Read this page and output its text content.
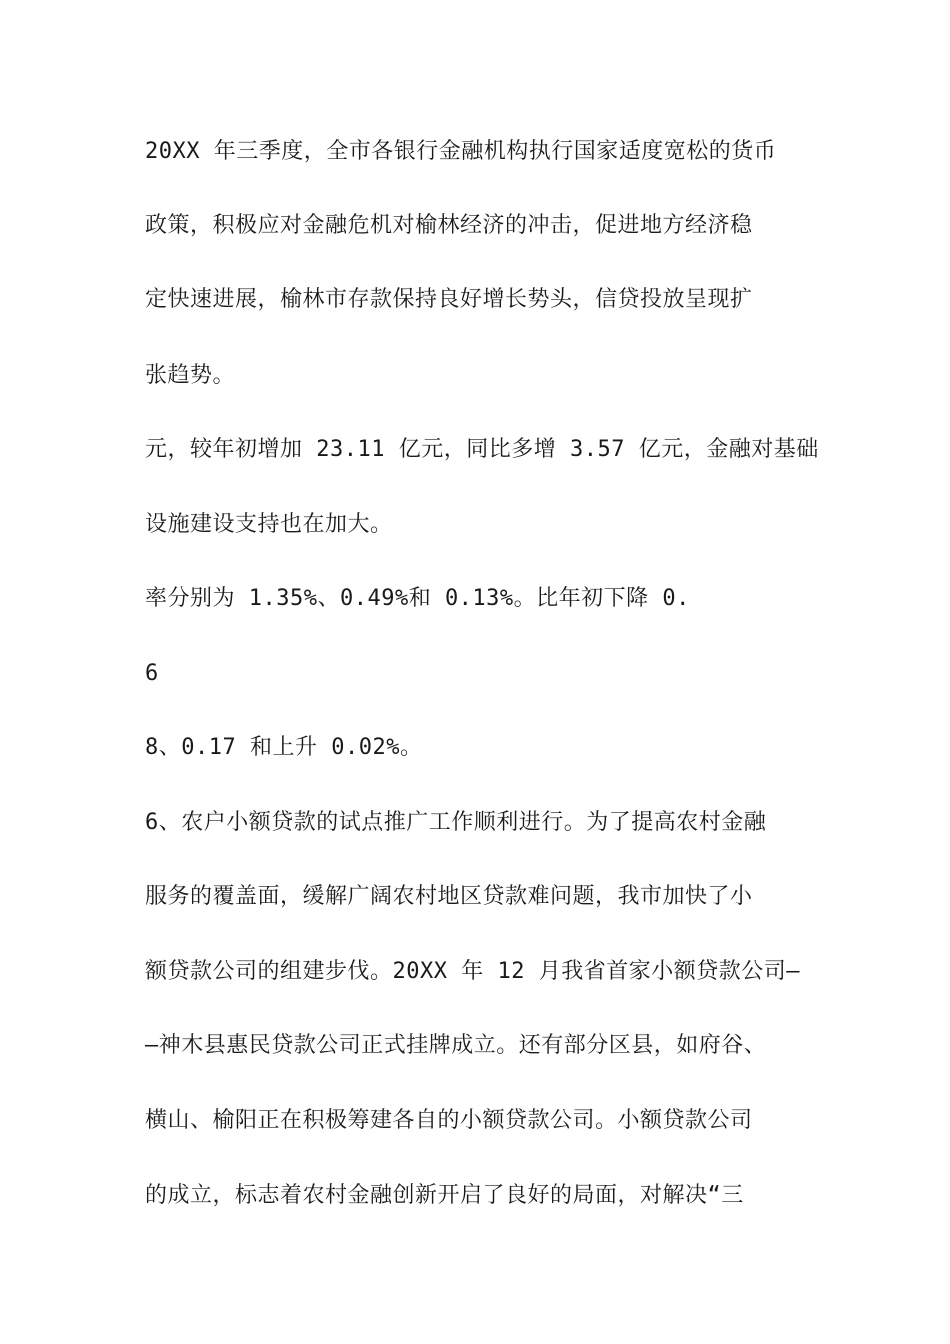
20XX 年三季度，全市各银行金融机构执行国家适度宽松的货币
政策，积极应对金融危机对榆林经济的冲击，促进地方经济稳
定快速进展，榆林市存款保持良好增长势头，信贷投放呈现扩
张趋势。
元，较年初增加 23.11 亿元，同比多增 3.57 亿元，金融对基础
设施建设支持也在加大。
率分别为 1.35%、0.49%和 0.13%。比年初下降 0.
6
8、0.17 和上升 0.02%。
6、农户小额贷款的试点推广工作顺利进行。为了提高农村金融
服务的覆盖面，缓解广阔农村地区贷款难问题，我市加快了小
额贷款公司的组建步伐。20XX 年 12 月我省首家小额贷款公司—
—神木县惠民贷款公司正式挂牌成立。还有部分区县，如府谷、
横山、榆阳正在积极筹建各自的小额贷款公司。小额贷款公司
的成立，标志着农村金融创新开启了良好的局面，对解决“三
